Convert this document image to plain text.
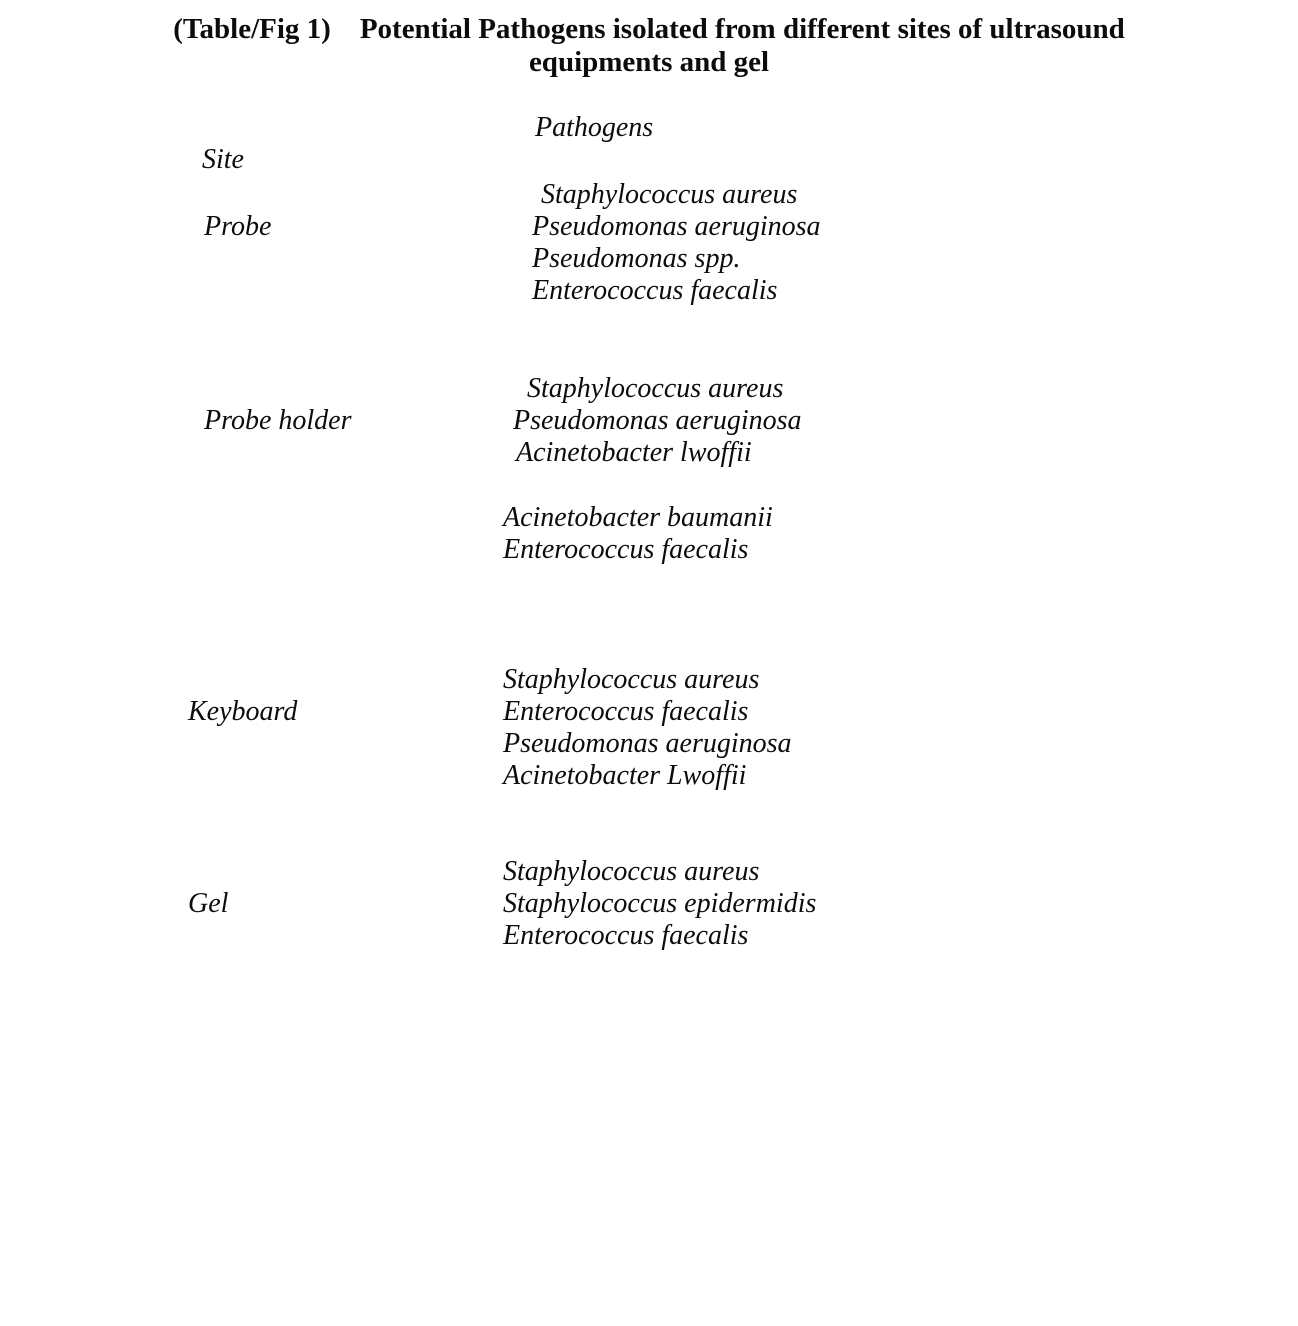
(Table/Fig 1)    Potential Pathogens isolated from different sites of ultrasound
equipments and gel

Site

Pathogens

Probe

Staphylococcus aureus
Pseudomonas aeruginosa
Pseudomonas spp.
Enterococcus faecalis

Probe holder

Staphylococcus aureus
Pseudomonas aeruginosa
Acinetobacter lwoffii
Acinetobacter baumanii
Enterococcus faecalis

Keyboard

Staphylococcus aureus
Enterococcus faecalis
Pseudomonas aeruginosa
Acinetobacter Lwoffii

Gel

Staphylococcus aureus
Staphylococcus epidermidis
Enterococcus faecalis
